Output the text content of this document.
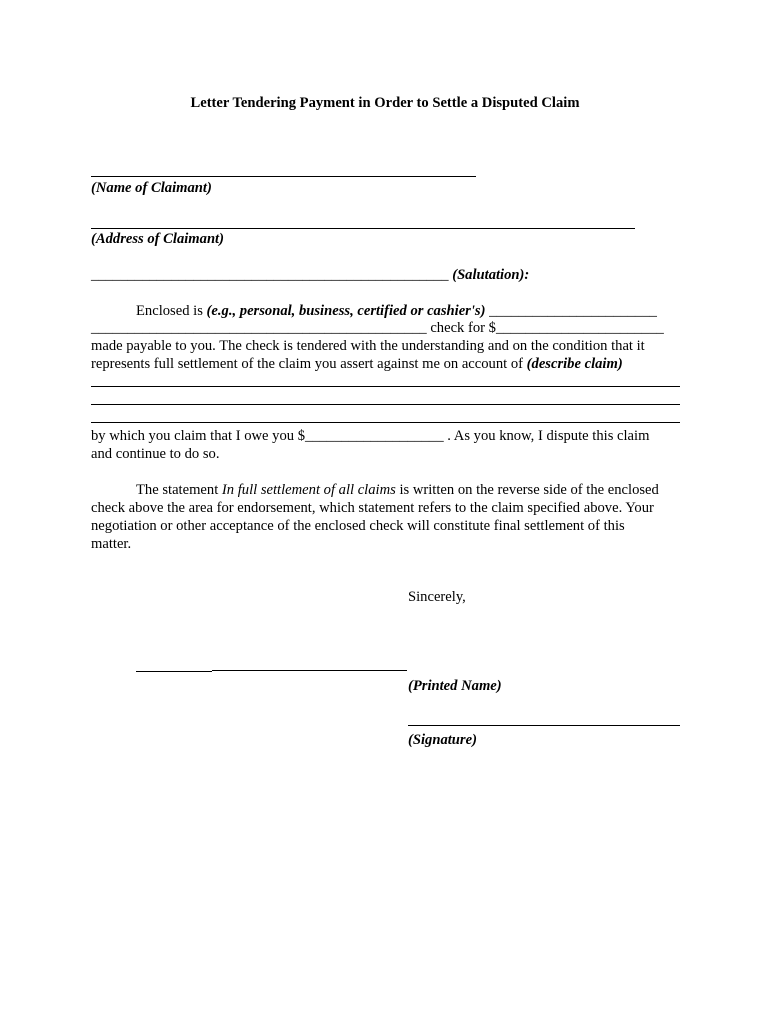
Letter Tendering Payment in Order to Settle a Disputed Claim
(Name of Claimant)
(Address of Claimant)
_________________________________________________ (Salutation):
Enclosed is (e.g., personal, business, certified or cashier's) _______________________
______________________________________________ check for $_______________________
made payable to you. The check is tendered with the understanding and on the condition that it
represents full settlement of the claim you assert against me on account of (describe claim)
by which you claim that I owe you $___________________ . As you know, I dispute this claim
and continue to do so.
The statement In full settlement of all claims is written on the reverse side of the enclosed
check above the area for endorsement, which statement refers to the claim specified above. Your
negotiation or other acceptance of the enclosed check will constitute final settlement of this
matter.
Sincerely,
(Printed Name)
(Signature)
